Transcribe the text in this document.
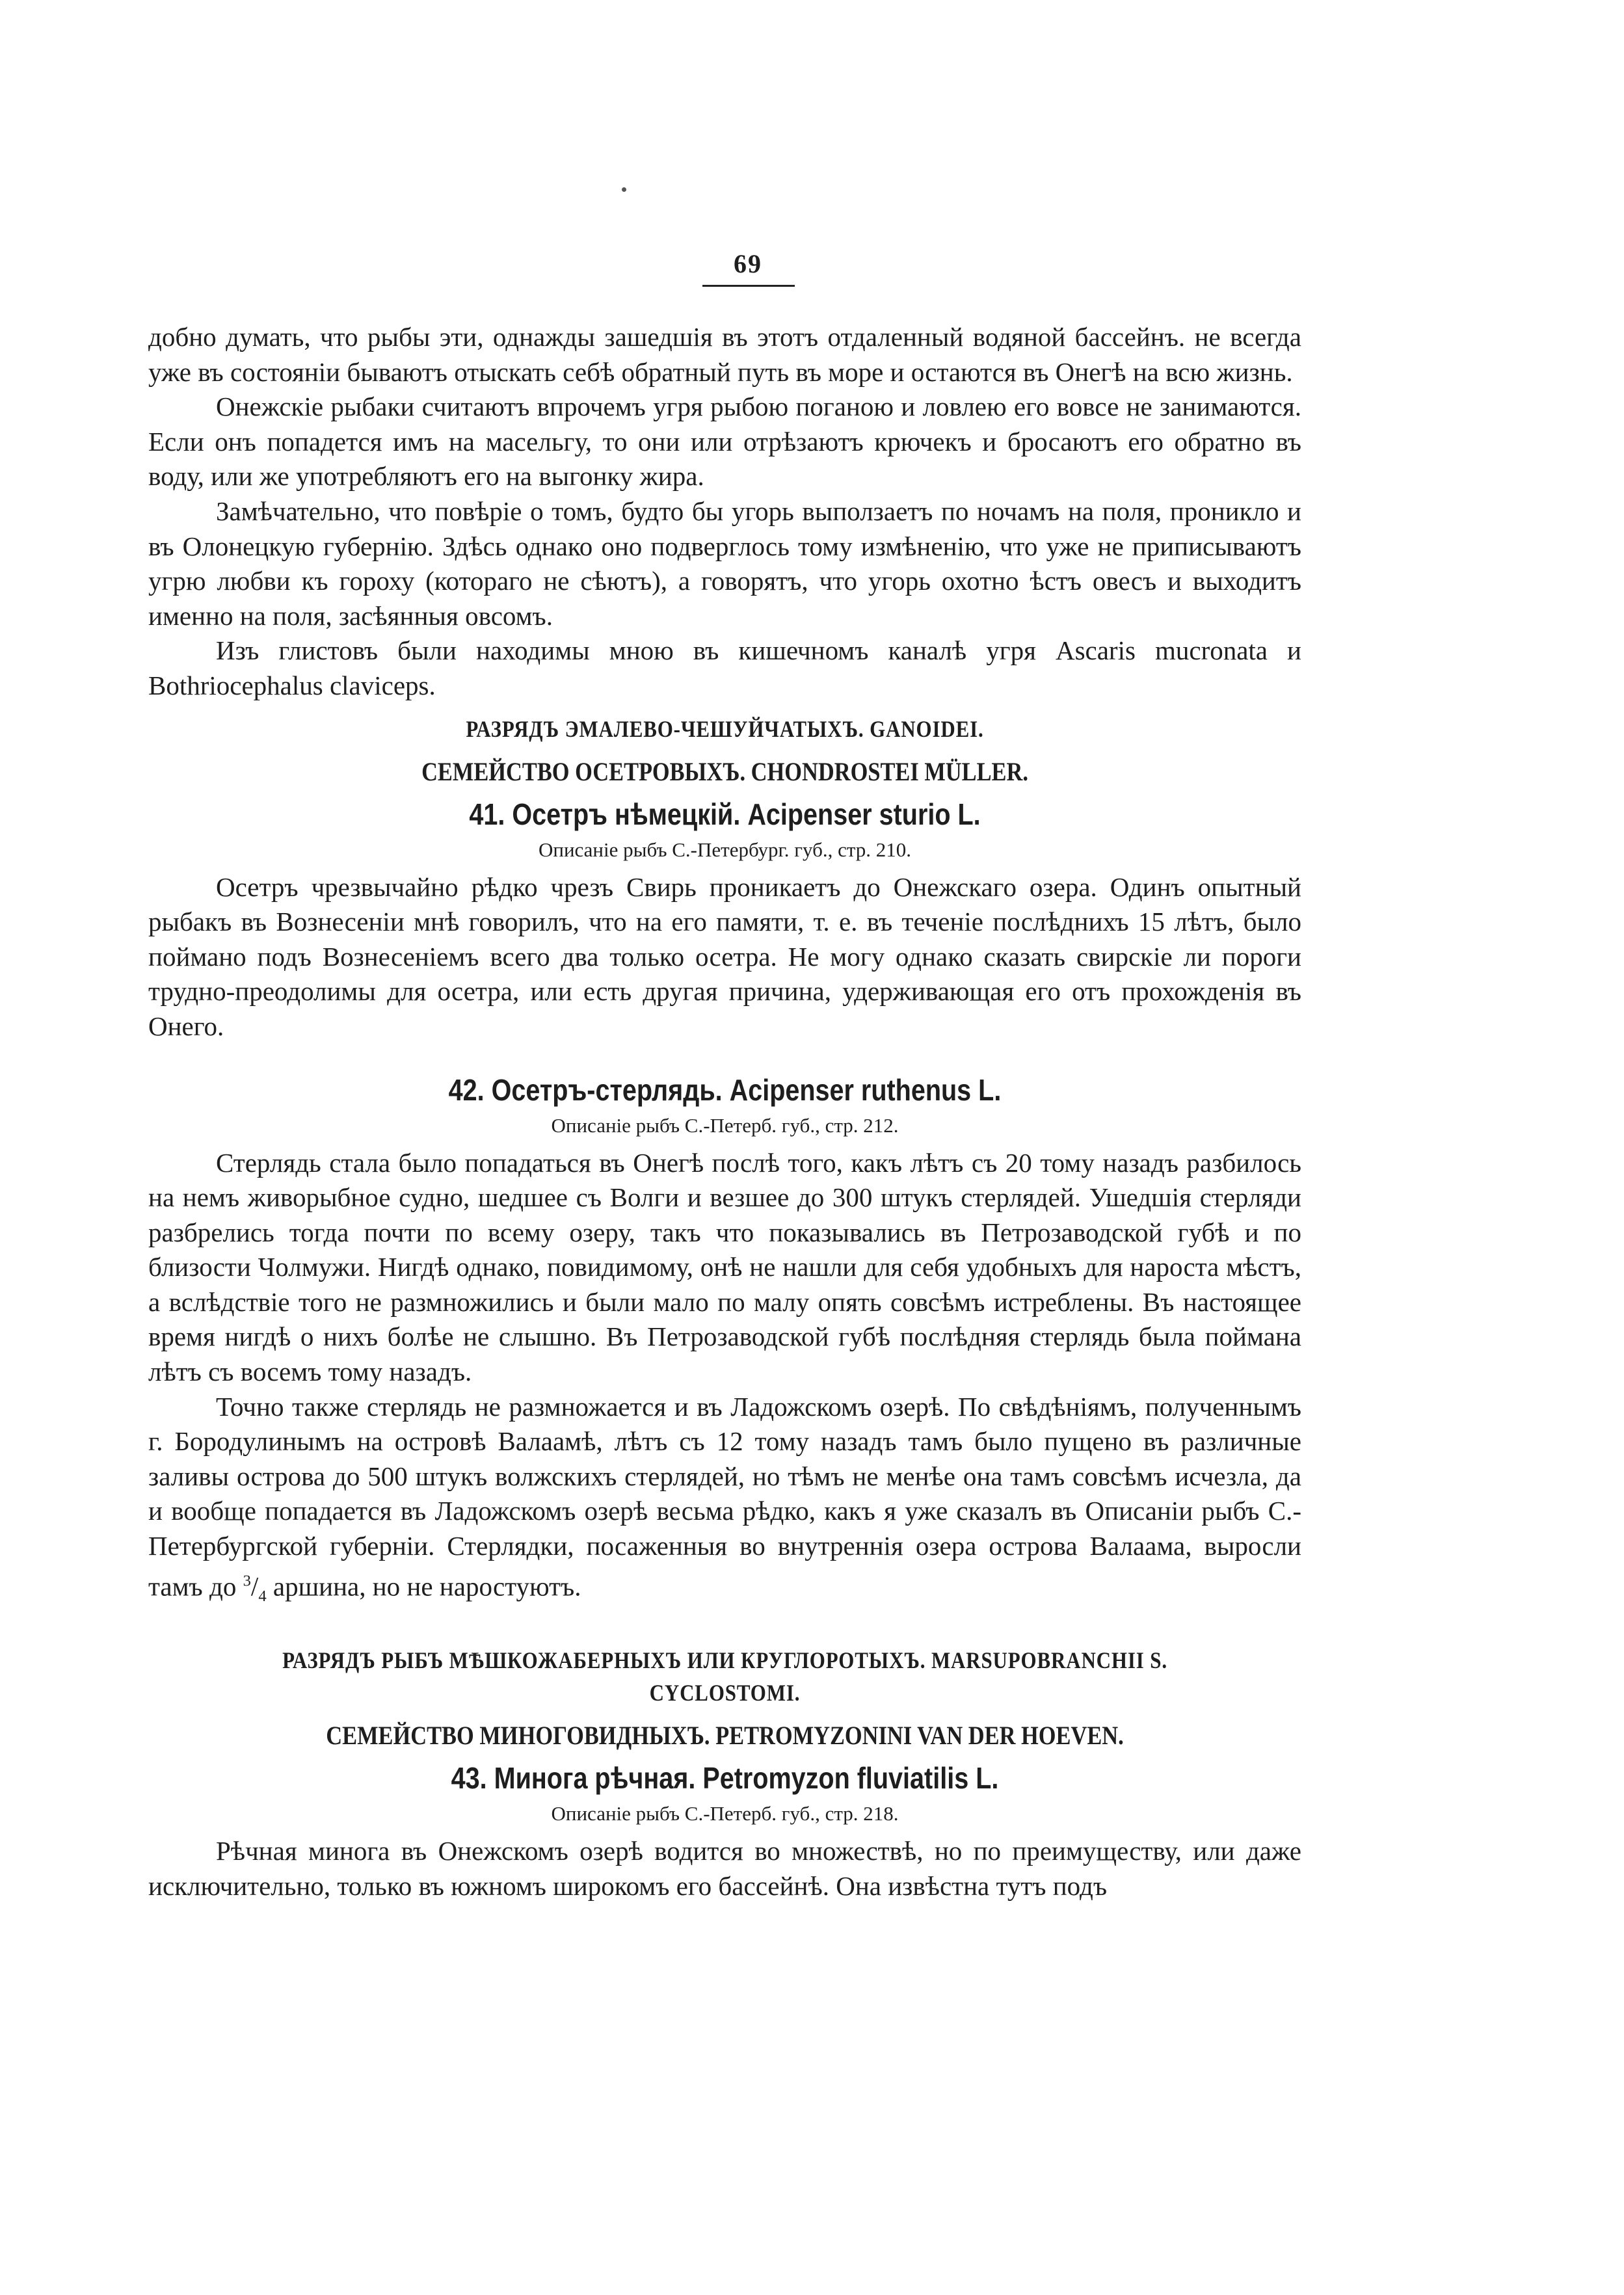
69

добно думать, что рыбы эти, однажды зашедшія въ этотъ отдаленный водяной бассейнъ. не всегда уже въ состояніи бываютъ отыскать себѣ обратный путь въ море и остаются въ Онегѣ на всю жизнь.

Онежскіе рыбаки считаютъ впрочемъ угря рыбою поганою и ловлею его вовсе не занимаются. Если онъ попадется имъ на масельгу, то они или отрѣзаютъ крючекъ и бросаютъ его обратно въ воду, или же употребляютъ его на выгонку жира.

Замѣчательно, что повѣріе о томъ, будто бы угорь выползаетъ по ночамъ на поля, проникло и въ Олонецкую губернію. Здѣсь однако оно подверглось тому измѣненію, что уже не приписываютъ угрю любви къ гороху (котораго не сѣютъ), а говорятъ, что угорь охотно ѣстъ овесъ и выходитъ именно на поля, засѣянныя овсомъ.

Изъ глистовъ были находимы мною въ кишечномъ каналѣ угря Ascaris mucronata и Bothriocephalus claviceps.

РАЗРЯДЪ ЭМАЛЕВО-ЧЕШУЙЧАТЫХЪ. GANOIDEI.
СЕМЕЙСТВО ОСЕТРОВЫХЪ. CHONDROSTEI MÜLLER.
41. Осетръ нѣмецкій. Acipenser sturio L.
Описаніе рыбъ С.-Петербург. губ., стр. 210.

Осетръ чрезвычайно рѣдко чрезъ Свирь проникаетъ до Онежскаго озера. Одинъ опытный рыбакъ въ Вознесеніи мнѣ говорилъ, что на его памяти, т. е. въ теченіе послѣднихъ 15 лѣтъ, было поймано подъ Вознесеніемъ всего два только осетра. Не могу однако сказать свирскіе ли пороги трудно-преодолимы для осетра, или есть другая причина, удерживающая его отъ прохожденія въ Онего.

42. Осетръ-стерлядь. Acipenser ruthenus L.
Описаніе рыбъ С.-Петерб. губ., стр. 212.

Стерлядь стала было попадаться въ Онегѣ послѣ того, какъ лѣтъ съ 20 тому назадъ разбилось на немъ живорыбное судно, шедшее съ Волги и везшее до 300 штукъ стерлядей. Ушедшія стерляди разбрелись тогда почти по всему озеру, такъ что показывались въ Петрозаводской губѣ и по близости Чолмужи. Нигдѣ однако, повидимому, онѣ не нашли для себя удобныхъ для нароста мѣстъ, а вслѣдствіе того не размножились и были мало по малу опять совсѣмъ истреблены. Въ настоящее время нигдѣ о нихъ болѣе не слышно. Въ Петрозаводской губѣ послѣдняя стерлядь была поймана лѣтъ съ восемъ тому назадъ.

Точно также стерлядь не размножается и въ Ладожскомъ озерѣ. По свѣдѣніямъ, полученнымъ г. Бородулинымъ на островѣ Валаамѣ, лѣтъ съ 12 тому назадъ тамъ было пущено въ различные заливы острова до 500 штукъ волжскихъ стерлядей, но тѣмъ не менѣе она тамъ совсѣмъ исчезла, да и вообще попадается въ Ладожскомъ озерѣ весьма рѣдко, какъ я уже сказалъ въ Описаніи рыбъ С.-Петербургской губерніи. Стерлядки, посаженныя во внутреннія озера острова Валаама, выросли тамъ до $^3/_4$ аршина, но не наростуютъ.

РАЗРЯДЪ РЫБЪ МѢШКОЖАБЕРНЫХЪ ИЛИ КРУГЛОРОТЫХЪ. MARSUPOBRANCHII S. CYCLOSTOMI.
СЕМЕЙСТВО МИНОГОВИДНЫХЪ. PETROMYZONINI VAN DER HOEVEN.
43. Минога рѣчная. Petromyzon fluviatilis L.
Описаніе рыбъ С.-Петерб. губ., стр. 218.

Рѣчная минога въ Онежскомъ озерѣ водится во множествѣ, но по преимуществу, или даже исключительно, только въ южномъ широкомъ его бассейнѣ. Она извѣстна тутъ подъ
